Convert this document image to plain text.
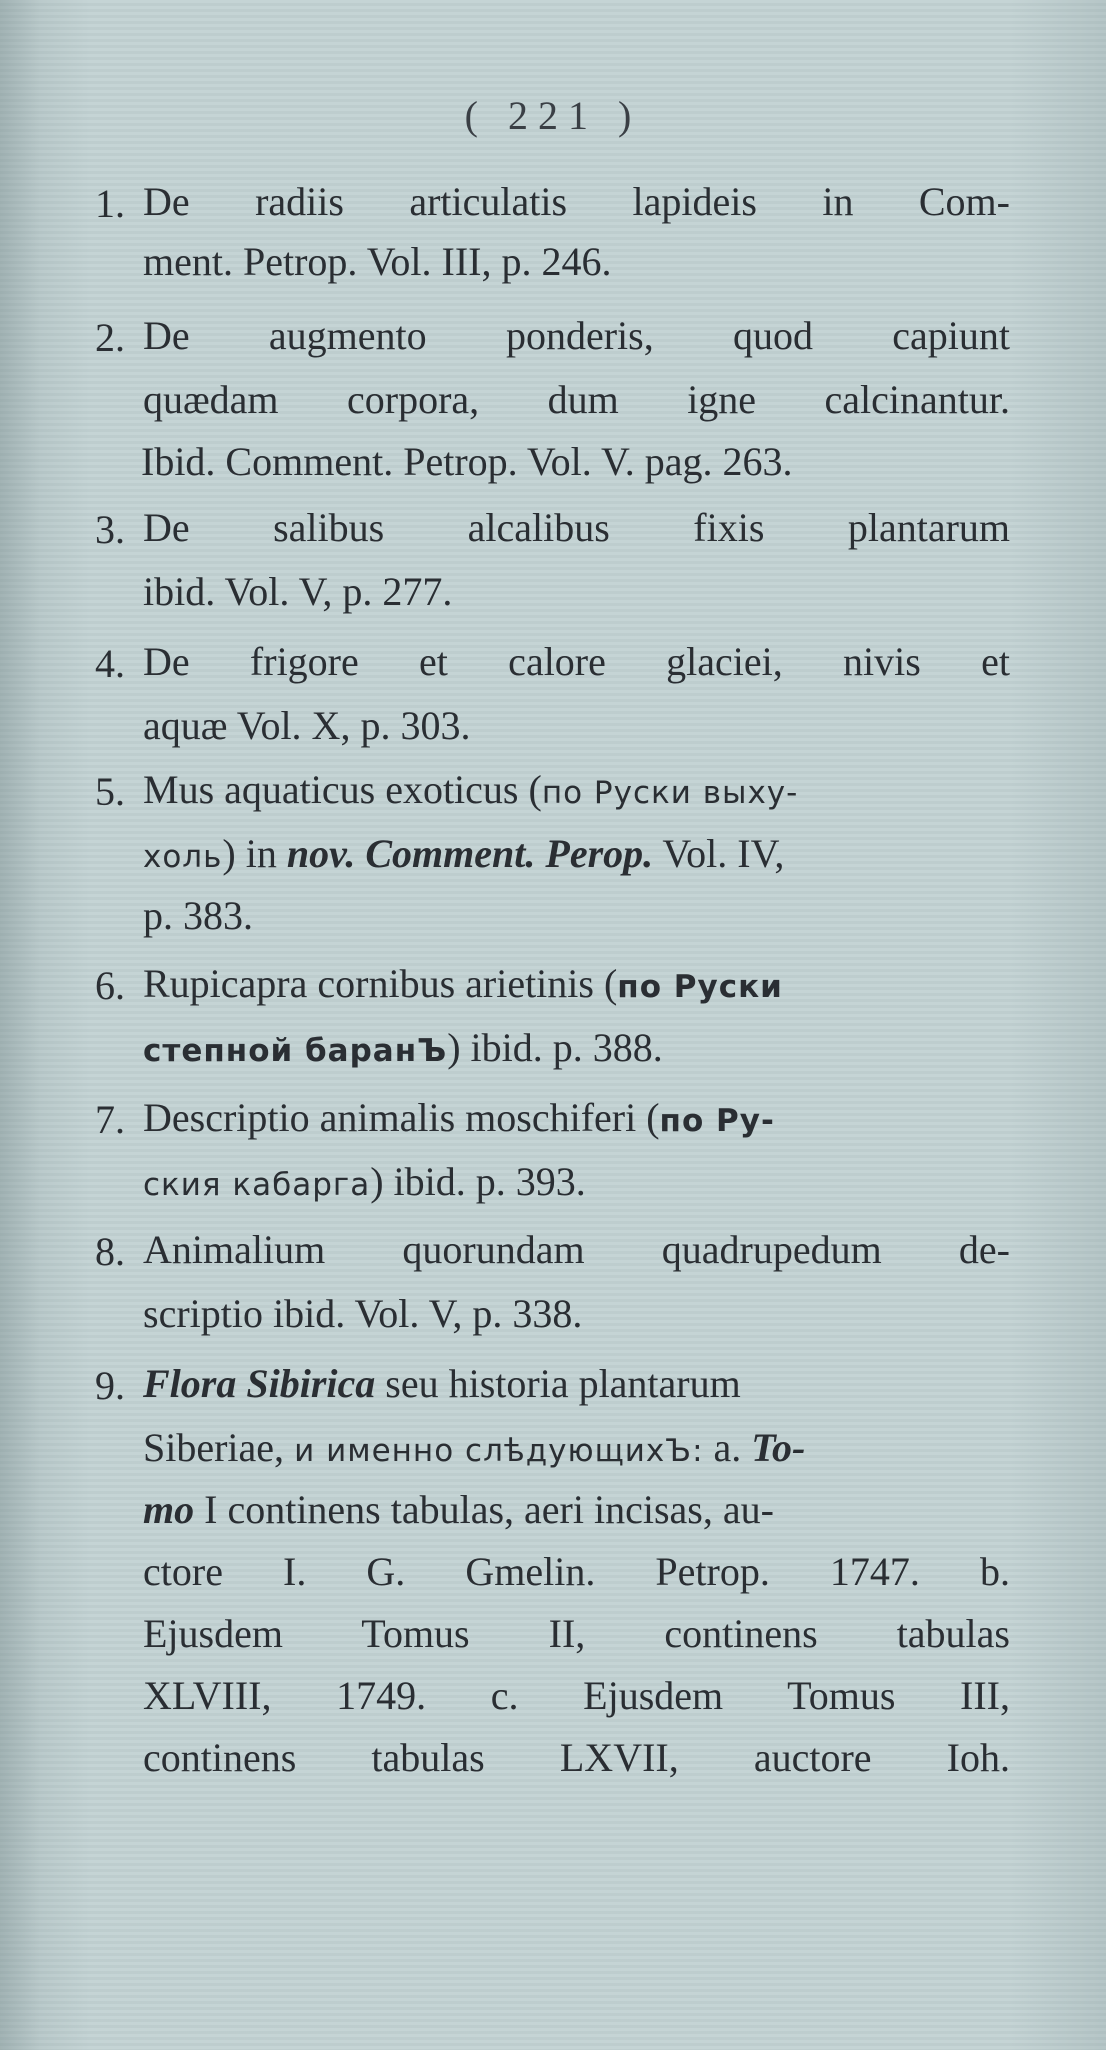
( 221 )
1. De radiis articulatis lapideis in Com-
ment. Petrop. Vol. III, p. 246.
2. De augmento ponderis, quod capiunt
quædam corpora, dum igne calcinantur.
Ibid. Comment. Petrop. Vol. V. pag. 263.
3. De salibus alcalibus fixis plantarum
ibid. Vol. V, p. 277.
4. De frigore et calore glaciei, nivis et
aquæ Vol. X, p. 303.
5. Mus aquaticus exoticus (по Руски выху-
холь) in nov. Comment. Perop. Vol. IV,
p. 383.
6. Rupicapra cornibus arietinis (по Руски
степной баранЪ) ibid. p. 388.
7. Descriptio animalis moschiferi (по Ру-
ския кабарга) ibid. p. 393.
8. Animalium quorundam quadrupedum de-
scriptio ibid. Vol. V, p. 338.
9. Flora Sibirica seu historia plantarum
Siberiae, и именно слѣдующихЪ: a. To-
mo I continens tabulas, aeri incisas, au-
ctore I. G. Gmelin. Petrop. 1747. b.
Ejusdem Tomus II, continens tabulas
XLVIII, 1749. c. Ejusdem Tomus III,
continens tabulas LXVII, auctore Ioh.
